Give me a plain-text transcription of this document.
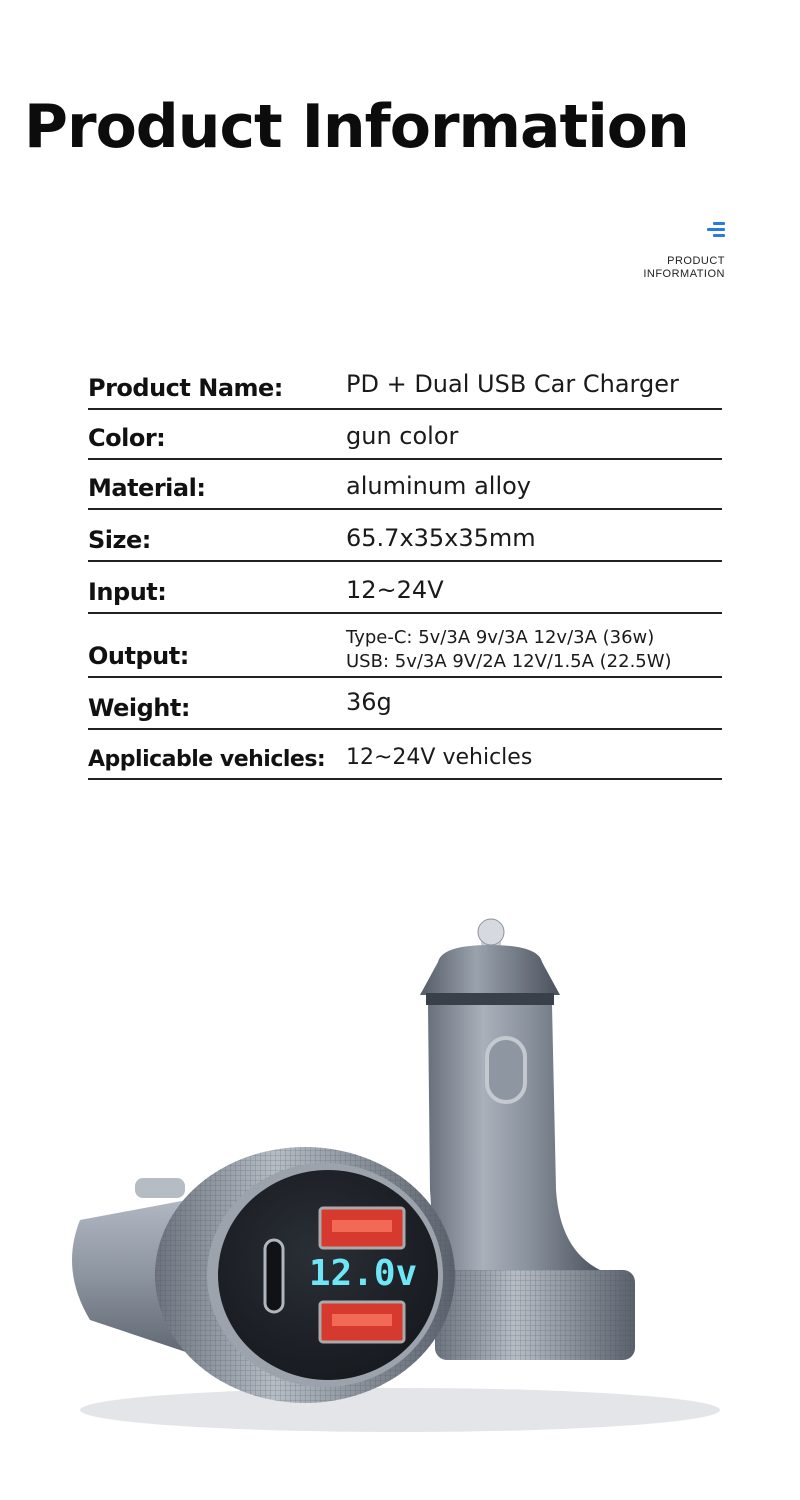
Product Information
PRODUCT
INFORMATION
Product Name:	PD + Dual USB Car Charger
Color:	gun color
Material:	aluminum alloy
Size:	65.7x35x35mm
Input:	12~24V
Output:
Type-C: 5v/3A 9v/3A 12v/3A (36w)
USB: 5v/3A 9V/2A 12V/1.5A (22.5W)
Weight:	36g
Applicable vehicles: 12~24V vehicles
12.0v
